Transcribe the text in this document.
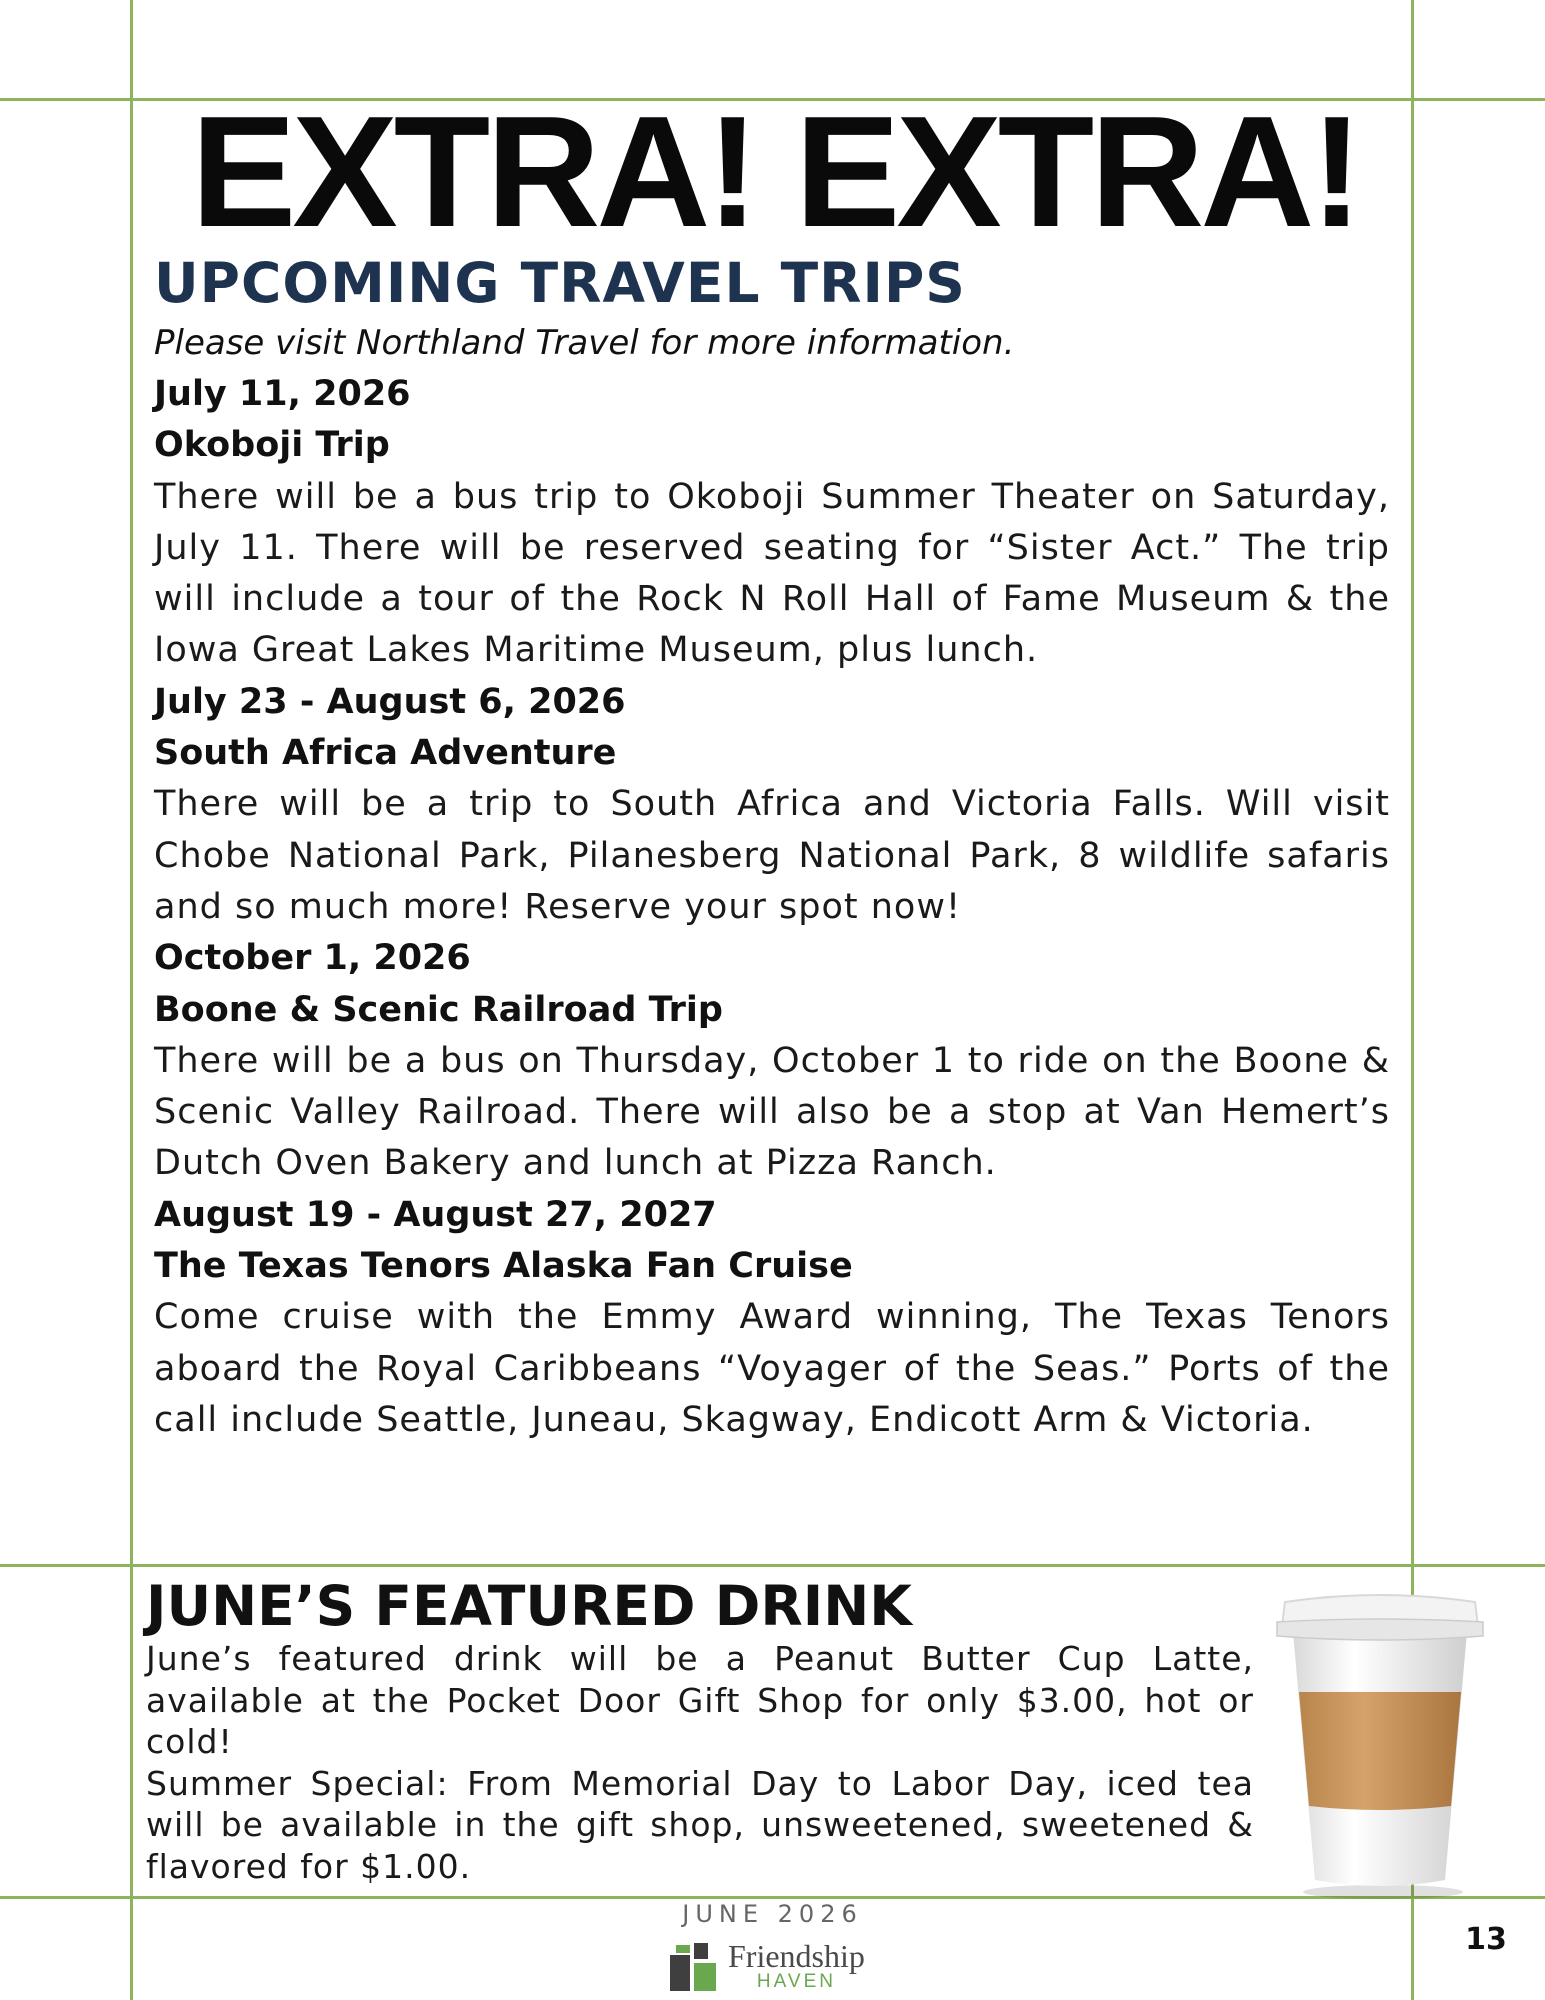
EXTRA! EXTRA!
UPCOMING TRAVEL TRIPS

Please visit Northland Travel for more information.

July 11, 2026

Okoboji Trip

There will be a bus trip to Okoboji Summer Theater on Saturday, July 11. There will be reserved seating for “Sister Act.” The trip will include a tour of the Rock N Roll Hall of Fame Museum & the Iowa Great Lakes Maritime Museum, plus lunch.

July 23 - August 6, 2026

South Africa Adventure

There will be a trip to South Africa and Victoria Falls. Will visit Chobe National Park, Pilanesberg National Park, 8 wildlife safaris and so much more! Reserve your spot now!

October 1, 2026

Boone & Scenic Railroad Trip

There will be a bus on Thursday, October 1 to ride on the Boone & Scenic Valley Railroad. There will also be a stop at Van Hemert’s Dutch Oven Bakery and lunch at Pizza Ranch.

August 19 - August 27, 2027

The Texas Tenors Alaska Fan Cruise

Come cruise with the Emmy Award winning, The Texas Tenors aboard the Royal Caribbeans “Voyager of the Seas.” Ports of the call include Seattle, Juneau, Skagway, Endicott Arm & Victoria.

JUNE’S FEATURED DRINK

June’s featured drink will be a Peanut Butter Cup Latte, available at the Pocket Door Gift Shop for only $3.00, hot or cold!

Summer Special: From Memorial Day to Labor Day, iced tea will be available in the gift shop, unsweetened, sweetened & flavored for $1.00.

JUNE 2026
Friendship
HAVEN
13
